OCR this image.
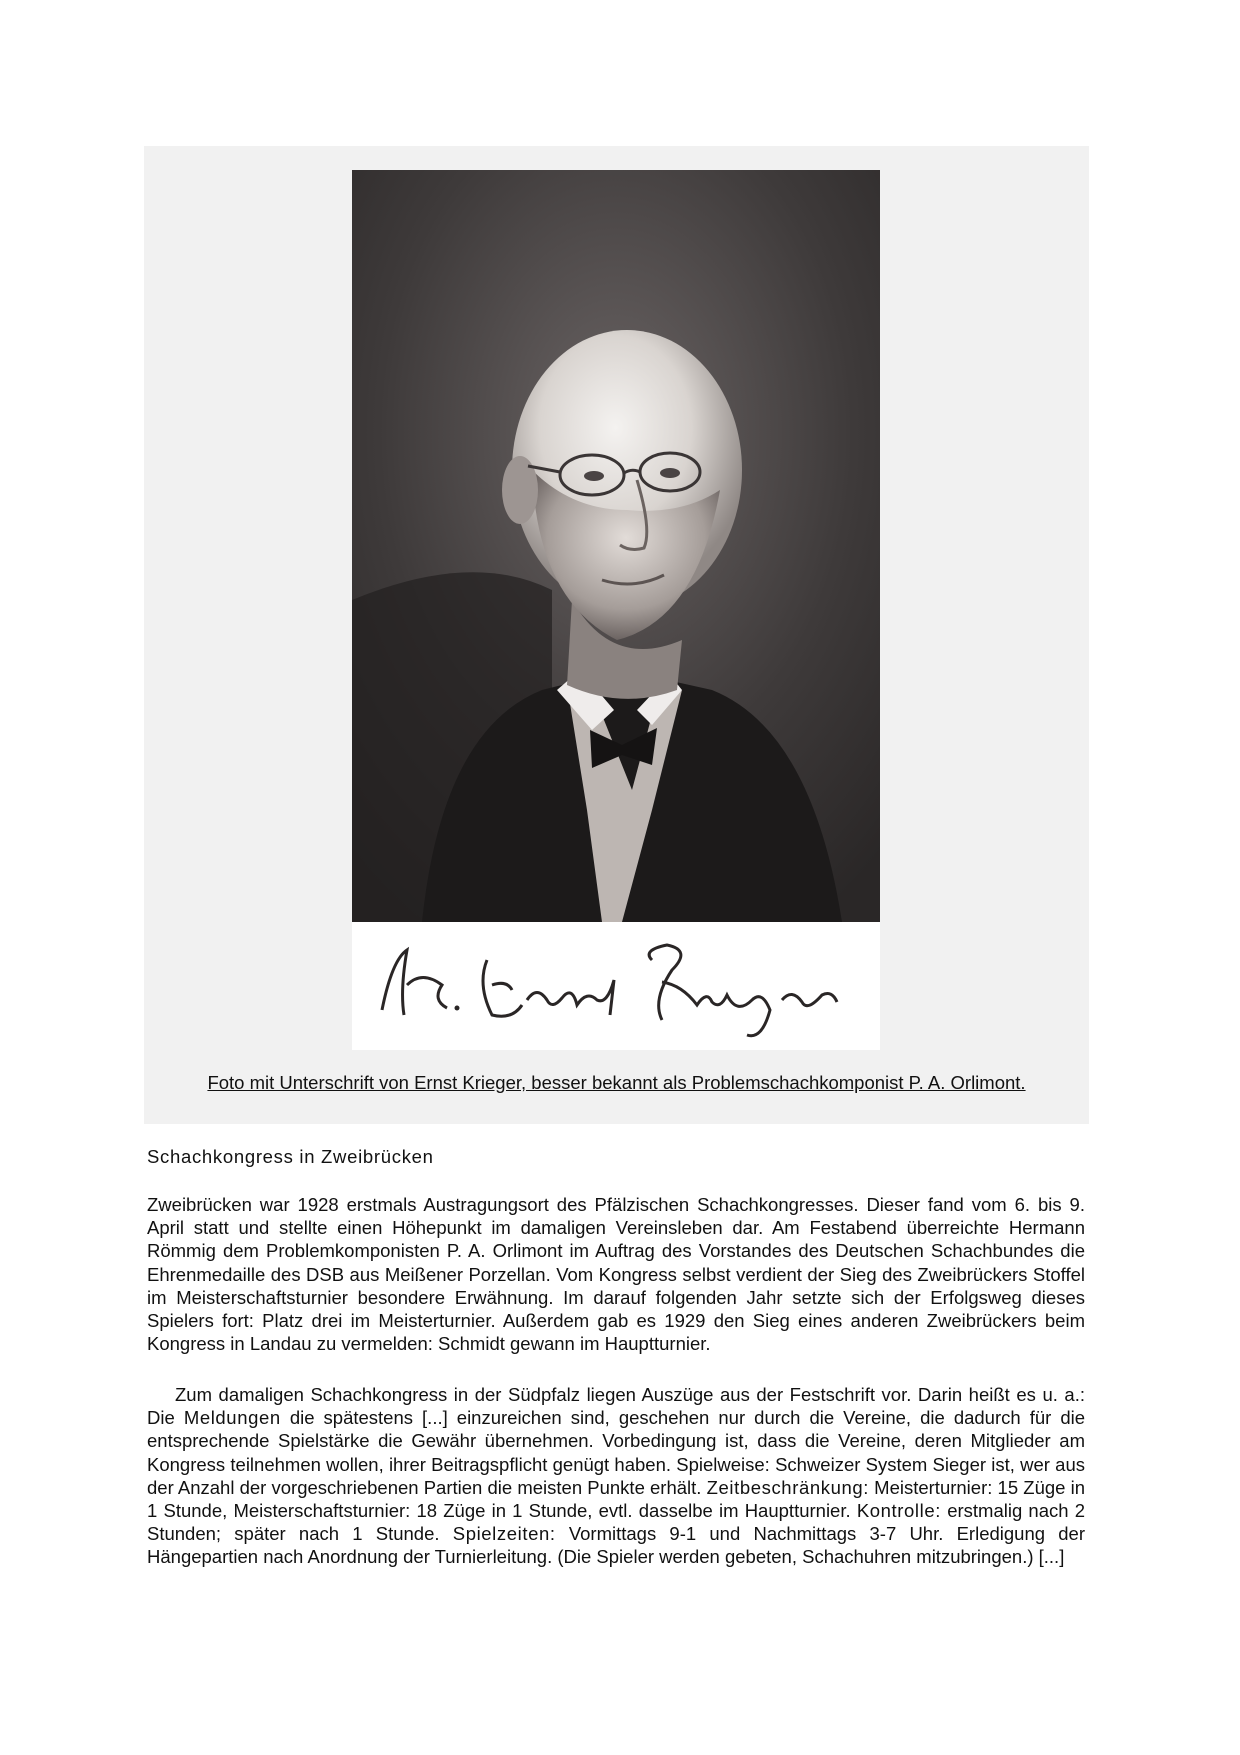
Foto mit Unterschrift von Ernst Krieger, besser bekannt als Problemschachkomponist P. A. Orlimont.
Schachkongress in Zweibrücken

Zweibrücken war 1928 erstmals Austragungsort des Pfälzischen Schachkongresses. Dieser fand vom 6. bis 9. April statt und stellte einen Höhepunkt im damaligen Vereinsleben dar. Am Festabend überreichte Hermann Römmig dem Problemkomponisten P. A. Orlimont im Auftrag des Vorstandes des Deutschen Schachbundes die Ehrenmedaille des DSB aus Meißener Porzellan. Vom Kongress selbst verdient der Sieg des Zweibrückers Stoffel im Meisterschaftsturnier besondere Erwähnung. Im darauf folgenden Jahr setzte sich der Erfolgsweg dieses Spielers fort: Platz drei im Meisterturnier. Außerdem gab es 1929 den Sieg eines anderen Zweibrückers beim Kongress in Landau zu vermelden: Schmidt gewann im Hauptturnier.

Zum damaligen Schachkongress in der Südpfalz liegen Auszüge aus der Festschrift vor. Darin heißt es u. a.: Die Meldungen die spätestens [...] einzureichen sind, geschehen nur durch die Vereine, die dadurch für die entsprechende Spielstärke die Gewähr übernehmen. Vorbedingung ist, dass die Vereine, deren Mitglieder am Kongress teilnehmen wollen, ihrer Beitragspflicht genügt haben. Spielweise: Schweizer System Sieger ist, wer aus der Anzahl der vorgeschriebenen Partien die meisten Punkte erhält. Zeitbeschränkung: Meisterturnier: 15 Züge in 1 Stunde, Meisterschaftsturnier: 18 Züge in 1 Stunde, evtl. dasselbe im Hauptturnier. Kontrolle: erstmalig nach 2 Stunden; später nach 1 Stunde. Spielzeiten: Vormittags 9-1 und Nachmittags 3-7 Uhr. Erledigung der Hängepartien nach Anordnung der Turnierleitung. (Die Spieler werden gebeten, Schachuhren mitzubringen.) [...]
